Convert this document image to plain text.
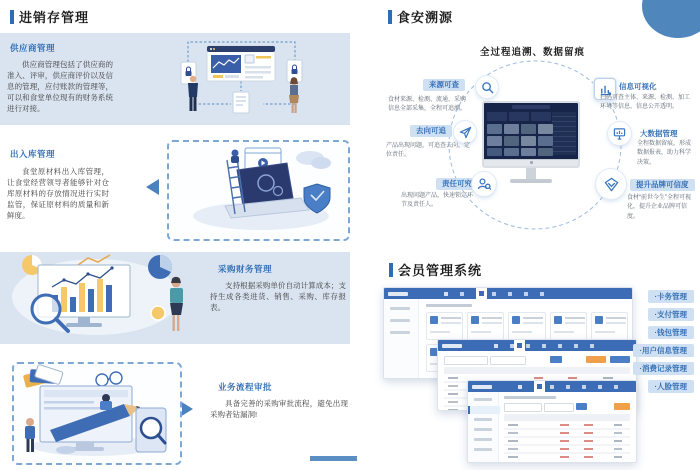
进销存管理
供应商管理
供应商管理包括了供应商的准入、评审，供应商评价以及信息的管理，应付账款的管理等，可以和食堂单位现有的财务系统进行对接。
出入库管理
食堂原材料出入库管理，让食堂经营领导者能够针对仓库原材料的存放情况进行实时监管，保证原材料的质量和新鲜度。
采购财务管理
支持根据采购单价自动计算成本；支持生成各类进货、销售、采购、库存报表。
业务流程审批
具备完善的采购审批流程，避免出现采购者钻漏洞!
食安溯源
全过程追溯、数据留痕
来源可查
食材来源、检测、流通、采购信息全部采集，全程可追溯。
信息可视化
扫码可查主体、来源、检测、加工环境等信息，信息公开透明。
去向可追
产品出现问题，可追查去向，定位责任。
大数据管理
全程数据留痕，形成数据报表，助力科学决策。
责任可究
出现问题产品，快速锁定环节及责任人。
提升品牌可信度
食材“前世今生”全程可视化，提升企业品牌可信度。
会员管理系统
·卡务管理
·支付管理
·钱包管理
·用户信息管理
·消费记录管理
·人脸管理
